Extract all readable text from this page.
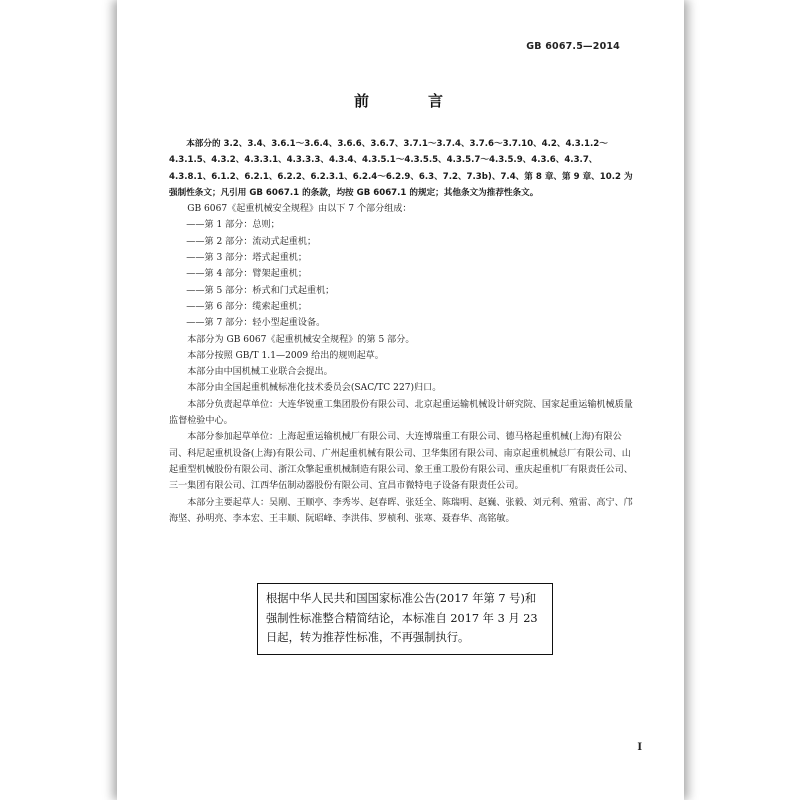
GB 6067.5—2014
前　言

本部分的 3.2、3.4、3.6.1～3.6.4、3.6.6、3.6.7、3.7.1～3.7.4、3.7.6～3.7.10、4.2、4.3.1.2～4.3.1.5、4.3.2、4.3.3.1、4.3.3.3、4.3.4、4.3.5.1～4.3.5.5、4.3.5.7～4.3.5.9、4.3.6、4.3.7、4.3.8.1、6.1.2、6.2.1、6.2.2、6.2.3.1、6.2.4～6.2.9、6.3、7.2、7.3b)、7.4、第 8 章、第 9 章、10.2 为强制性条文；凡引用 GB 6067.1 的条款，均按 GB 6067.1 的规定；其他条文为推荐性条文。

GB 6067《起重机械安全规程》由以下 7 个部分组成：

——第 1 部分：总则；

——第 2 部分：流动式起重机；

——第 3 部分：塔式起重机；

——第 4 部分：臂架起重机；

——第 5 部分：桥式和门式起重机；

——第 6 部分：缆索起重机；

——第 7 部分：轻小型起重设备。

本部分为 GB 6067《起重机械安全规程》的第 5 部分。

本部分按照 GB/T 1.1—2009 给出的规则起草。

本部分由中国机械工业联合会提出。

本部分由全国起重机械标准化技术委员会(SAC/TC 227)归口。

本部分负责起草单位：大连华锐重工集团股份有限公司、北京起重运输机械设计研究院、国家起重运输机械质量监督检验中心。

本部分参加起草单位：上海起重运输机械厂有限公司、大连博瑞重工有限公司、德马格起重机械(上海)有限公司、科尼起重机设备(上海)有限公司、广州起重机械有限公司、卫华集团有限公司、南京起重机械总厂有限公司、山起重型机械股份有限公司、浙江众擎起重机械制造有限公司、象王重工股份有限公司、重庆起重机厂有限责任公司、三一集团有限公司、江西华伍制动器股份有限公司、宜昌市微特电子设备有限责任公司。

本部分主要起草人：吴刚、王顺亭、李秀岑、赵春晖、张廷全、陈瑞明、赵巍、张毅、刘元利、殖雷、高宁、邝海坚、孙明亮、李本宏、王丰顺、阮昭峰、李洪伟、罗桢利、张寒、聂春华、高铭敏。

根据中华人民共和国国家标准公告(2017 年第 7 号)和强制性标准整合精简结论，本标准自 2017 年 3 月 23 日起，转为推荐性标准，不再强制执行。
I
